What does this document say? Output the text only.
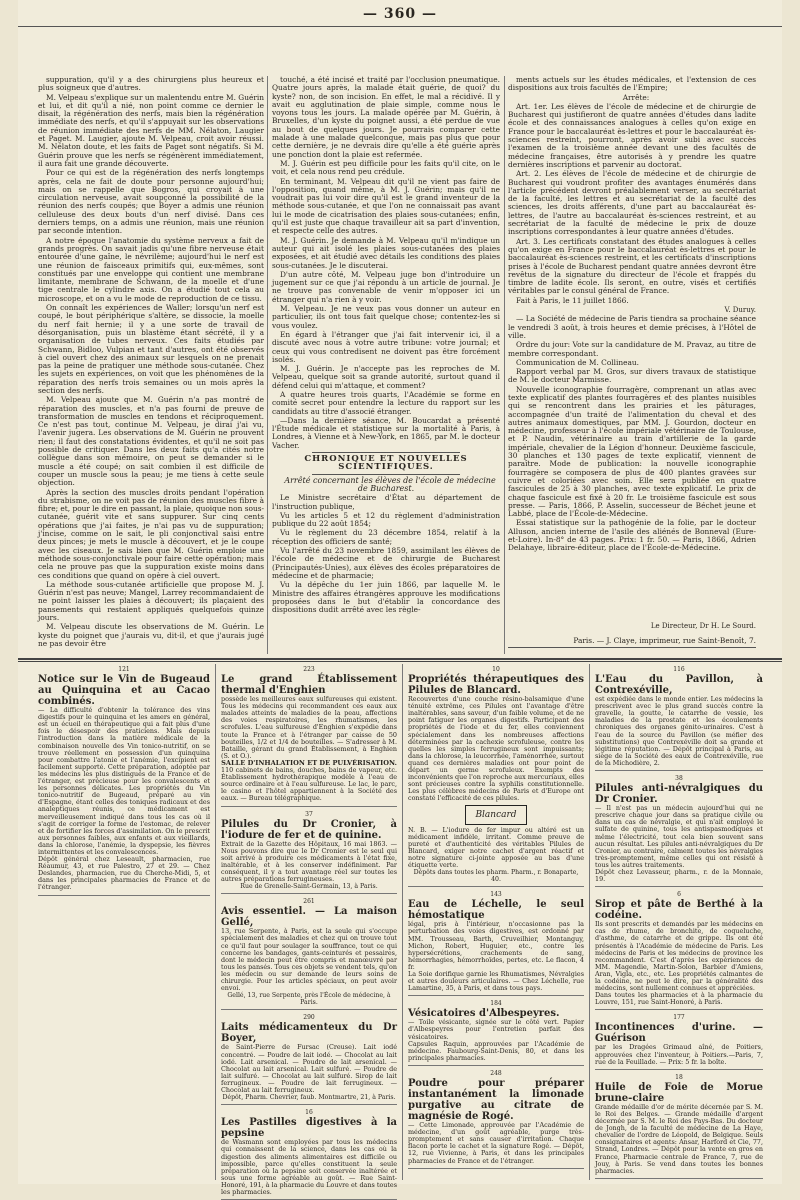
— 360 —

suppuration, qu'il y a des chirurgiens plus heureux et plus soigneux que d'autres.

M. Velpeau s'explique sur un malentendu entre M. Guérin et lui, et dit qu'il a nié, non point comme ce dernier le disait, la régénération des nerfs, mais bien la régénération immédiate des nerfs, et qu'il s'appuyait sur les observations de réunion immédiate des nerfs de MM. Nélaton, Laugier et Paget. M. Laugier, ajoute M. Velpeau, croit avoir réussi. M. Nélaton doute, et les faits de Paget sont négatifs. Si M. Guérin prouve que les nerfs se régénèrent immédiatement, il aura fait une grande découverte.

Pour ce qui est de la régénération des nerfs longtemps après, cela ne fait de doute pour personne aujourd'hui; mais on se rappelle que Bogros, qui croyait à une circulation nerveuse, avait soupçonné la possibilité de la réunion des nerfs coupés; que Boyer a admis une réunion celluleuse des deux bouts d'un nerf divisé. Dans ces derniers temps, on a admis une réunion, mais une réunion par seconde intention.

A notre époque l'anatomie du système nerveux a fait de grands progrès. On savait jadis qu'une fibre nerveuse était entourée d'une gaîne, le névrilème; aujourd'hui le nerf est une réunion de faisceaux primitifs qui, eux-mêmes, sont constitués par une enveloppe qui contient une membrane limitante, membrane de Schwann, de la moelle et d'une tige centrale le cylindre axis. On a étudié tout cela au microscope, et on a vu le mode de reproduction de ce tissu.

On connaît les expériences de Waller; lorsqu'un nerf est coupé, le bout périphérique s'altère, se dissocie, la moelle du nerf fait hernie; il y a une sorte de travail de désorganisation, puis un blastème étant sécrété, il y a organisation de tubes nerveux. Ces faits étudiés par Schwann, Bidloo, Vulpian et tant d'autres, ont été observés à ciel ouvert chez des animaux sur lesquels on ne prenait pas la peine de pratiquer une méthode sous-cutanée. Chez les sujets en expériences, on voit que les phénomènes de la réparation des nerfs trois semaines ou un mois après la section des nerfs.

M. Velpeau ajoute que M. Guérin n'a pas montré de réparation des muscles, et n'a pas fourni de preuve de transformation de muscles en tendons et réciproquement. Ce n'est pas tout, continue M. Velpeau, je dirai j'ai vu, l'avenir jugera. Les observations de M. Guérin ne prouvent rien; il faut des constatations évidentes, et qu'il ne soit pas possible de critiquer. Dans les deux faits qu'a cités notre collègue dans son mémoire, on peut se demander si le muscle a été coupé; on sait combien il est difficile de couper un muscle sous la peau; je me tiens à cette seule objection.

Après la section des muscles droits pendant l'opération du strabisme, on ne voit pas de réunion des muscles fibre à fibre; et, pour le dire en passant, la plaie, quoique non sous-cutanée, guérit vite et sans suppurer. Sur cinq cents opérations que j'ai faites, je n'ai pas vu de suppuration; j'incise, comme on le sait, le pli conjonctival saisi entre deux pinces; je mets le muscle à découvert, et je le coupe avec les ciseaux. Je sais bien que M. Guérin emploie une méthode sous-conjonctivale pour faire cette opération; mais cela ne prouve pas que la suppuration existe moins dans ces conditions que quand on opère à ciel ouvert.

La méthode sous-cutanée artificielle que propose M. J. Guérin n'est pas neuve; Mangel, Larrey recommandaient de ne point laisser les plaies à découvert; ils plaçaient des pansements qui restaient appliqués quelquefois quinze jours.

M. Velpeau discute les observations de M. Guérin. Le kyste du poignet que j'aurais vu, dit-il, et que j'aurais jugé ne pas devoir être

touché, a été incisé et traité par l'occlusion pneumatique. Quatre jours après, la malade était guérie, de quoi? du kyste? non, de son incision. En effet, le mal a récidivé. Il y avait eu agglutination de plaie simple, comme nous le voyons tous les jours. La malade opérée par M. Guérin, à Bruxelles, d'un kyste du poignet aussi, a été perdue de vue au bout de quelques jours. Je pourrais comparer cette malade à une malade quelconque, mais pas plus que pour cette dernière, je ne devrais dire qu'elle a été guérie après une ponction dont la plaie est refermée.

M. J. Guérin est peu difficile pour les faits qu'il cite, on le voit, et cela nous rend peu crédule.

En terminant, M. Velpeau dit qu'il ne vient pas faire de l'opposition, quand même, à M. J. Guérin; mais qu'il ne voudrait pas lui voir dire qu'il est le grand inventeur de la méthode sous-cutanée, et que l'on ne connaissait pas avant lui le mode de cicatrisation des plaies sous-cutanées; enfin, qu'il est juste que chaque travailleur ait sa part d'invention, et respecte celle des autres.

M. J. Guérin. Je demande à M. Velpeau qu'il m'indique un auteur qui ait isolé les plaies sous-cutanées des plaies exposées, et ait étudié avec détails les conditions des plaies sous-cutanées. Je le discuterai.

D'un autre côté, M. Velpeau juge bon d'introduire un jugement sur ce que j'ai répondu à un article de journal. Je ne trouve pas convenable de venir m'opposer ici un étranger qui n'a rien à y voir.

M. Velpeau. Je ne veux pas vous donner un auteur en particulier, ils ont tous fait quelque chose; contentez-les si vous voulez.

En égard à l'étranger que j'ai fait intervenir ici, il a discuté avec nous à votre autre tribune: votre journal; et ceux qui vous contredisent ne doivent pas être forcément isolés.

M. J. Guérin. Je n'accepte pas les reproches de M. Velpeau, quelque soit sa grande autorité, surtout quand il défend celui qui m'attaque, et comment?

A quatre heures trois quarts, l'Académie se forme en comité secret pour entendre la lecture du rapport sur les candidats au titre d'associé étranger.

—Dans la dernière séance, M. Boucardat a présenté l'Étude médicale et statistique sur la mortalité à Paris, à Londres, à Vienne et à New-York, en 1865, par M. le docteur Vacher.

CHRONIQUE ET NOUVELLES SCIENTIFIQUES.

Arrêté concernant les élèves de l'école de médecine de Bucharest.

Le Ministre secrétaire d'État au département de l'instruction publique,

Vu les articles 5 et 12 du règlement d'administration publique du 22 août 1854;

Vu le règlement du 23 décembre 1854, relatif à la réception des officiers de santé;

Vu l'arrêté du 23 novembre 1859, assimilant les élèves de l'école de médecine et de chirurgie de Bucharest (Principautés-Unies), aux élèves des écoles préparatoires de médecine et de pharmacie;

Vu la dépêche du 1er juin 1866, par laquelle M. le Ministre des affaires étrangères approuve les modifications proposées dans le but d'établir la concordance des dispositions dudit arrêté avec les règle-

ments actuels sur les études médicales, et l'extension de ces dispositions aux trois facultés de l'Empire;

Arrête:

Art. 1er. Les élèves de l'école de médecine et de chirurgie de Bucharest qui justifieront de quatre années d'études dans ladite école et des connaissances analogues à celles qu'on exige en France pour le baccalauréat ès-lettres et pour le baccalauréat ès-sciences restreint, pourront, après avoir subi avec succès l'examen de la troisième année devant une des facultés de médecine françaises, être autorisés à y prendre les quatre dernières inscriptions et parvenir au doctorat.

Art. 2. Les élèves de l'école de médecine et de chirurgie de Bucharest qui voudront profiter des avantages énumérés dans l'article précédent devront préalablement verser, au secrétariat de la faculté, les lettres et au secrétariat de la faculté des sciences, les droits afférents, d'une part au baccalauréat ès-lettres, de l'autre au baccalauréat ès-sciences restreint, et au secrétariat de la faculté de médecine le prix de douze inscriptions correspondantes à leur quatre années d'études.

Art. 3. Les certificats constatant des études analogues à celles qu'on exige en France pour le baccalauréat ès-lettres et pour le baccalauréat ès-sciences restreint, et les certificats d'inscriptions prises à l'école de Bucharest pendant quatre années devront être revêtus de la signature du directeur de l'école et frappés du timbre de ladite école. Ils seront, en outre, visés et certifiés véritables par le consul général de France.

Fait à Paris, le 11 juillet 1866.

V. Duruy.

— La Société de médecine de Paris tiendra sa prochaine séance le vendredi 3 août, à trois heures et demie précises, à l'Hôtel de ville.

Ordre du jour: Vote sur la candidature de M. Pravaz, au titre de membre correspondant.

Communication de M. Collineau.

Rapport verbal par M. Gros, sur divers travaux de statistique de M. le docteur Marmisse.

Nouvelle iconographie fourragère, comprenant un atlas avec texte explicatif des plantes fourragères et des plantes nuisibles qui se rencontrent dans les prairies et les pâturages, accompagnée d'un traité de l'alimentation du cheval et des autres animaux domestiques, par MM. J. Gourdon, docteur en médecine, professeur à l'école impériale vétérinaire de Toulouse, et P. Naudin, vétérinaire au train d'artillerie de la garde impériale, chevalier de la Légion d'honneur. Deuxième fascicule, 30 planches et 130 pages de texte explicatif, viennent de paraître. Mode de publication: la nouvelle iconographie fourragère se composera de plus de 400 plantes gravées sur cuivre et coloriées avec soin. Elle sera publiée en quatre fascicules de 25 à 30 planches, avec texte explicatif. Le prix de chaque fascicule est fixé à 20 fr. Le troisième fascicule est sous presse. — Paris, 1866, P. Asselin, successeur de Béchet jeune et Labbé, place de l'École-de-Médecine.

Essai statistique sur la pathogénie de la folie, par le docteur Alluson, ancien interne de l'asile des aliénés de Bonneval (Eure-et-Loire). In-8° de 43 pages. Prix: 1 fr. 50. — Paris, 1866, Adrien Delahaye, libraire-éditeur, place de l'École-de-Médecine.

Le Directeur, Dr H. Le Sourd.
Paris. — J. Claye, imprimeur, rue Saint-Benoît, 7.
121
Notice sur le Vin de Bugeaud au Quinquina et au Cacao combinés.
— La difficulté d'obtenir la tolérance des vins digestifs pour le quinquina et les amers en général, est un écueil en thérapeutique qui a fait plus d'une fois le désespoir des praticiens. Mais depuis l'introduction dans la matière médicale de la combinaison nouvelle des Vin tonico-nutritif, on se trouve réellement en possession d'un quinquina pour combattre l'atonie et l'anémie, l'excipient est facilement supporté. Cette préparation, adoptée par les médecins les plus distingués de la France et de l'étranger, est précieuse pour les convalescents et les personnes délicates. Les propriétés du Vin tonico-nutritif de Bugeaud, préparé au vin d'Espagne, étant celles des toniques radicaux et des analeptiques réunis, ce médicament est merveilleusement indiqué dans tous les cas où il s'agit de corriger la forme de l'estomac, de relever et de fortifier les forces d'assimilation. On le prescrit aux personnes faibles, aux enfants et aux vieillards, dans la chlorose, l'anémie, la dyspepsie, les fièvres intermittentes et les convalescences.
Dépôt général chez Leseault, pharmacien, rue Réaumur, 43, et rue Palestro, 27 et 29. — Chez Deslandes, pharmacien, rue du Cherche-Midi, 5, et dans les principales pharmacies de France et de l'étranger.
223
Le grand Établissement thermal d'Enghien
possède les meilleures eaux sulfureuses qui existent. Tous les médecins qui recommandent ces eaux aux malades atteints de maladies de la peau, affections des voies respiratoires, les rhumatismes, les scrofules. L'eau sulfureuse d'Enghien s'expédie dans toute la France et à l'étranger par caisse de 50 bouteilles, 1/2 et 1/4 de bouteilles. — S'adresser à M. Bataille, gérant du grand Établissement, à Enghien (S. et O.).
SALLE D'INHALATION ET DE PULVÉRISATION.
110 cabinets de bains, douches, bains de vapeur, etc. Établissement hydrothérapique modèle à l'eau de source ordinaire et à l'eau sulfureuse. Le lac, le parc, le casino et l'hôtel appartiennent à la Société des eaux. — Bureau télégraphique.
37
Pilules du Dr Cronier, à l'iodure de fer et de quinine.
Extrait de la Gazette des Hôpitaux, 16 mai 1863. — Nous pouvons dire que le Dr Cronier est le seul qui soit arrivé à produire ces médicaments à l'état fixe, inaltérable, et à les conserver indéfiniment. Par conséquent, il y a tout avantage réel sur toutes les autres préparations ferrugineuses.
Rue de Grenelle-Saint-Germain, 13, à Paris.
261
Avis essentiel. — La maison Gellé,
13, rue Serpente, à Paris, est la seule qui s'occupe spécialement des maladies et chez qui on trouve tout ce qu'il faut pour soulager la souffrance, tout ce qui concerne les bandages, gants-ceinturés et pessaires, dont le médecin peut être compris et manœuvré par tous les pansés. Tous ces objets se vendent tels, qu'on les médecin ou sur demande de leurs soins de chirurgie. Pour les articles spéciaux, on peut avoir envoi.
Gellé, 13, rue Serpente, près l'École de médecine, à Paris.
290
Laits médicamenteux du Dr Boyer,
de Saint-Pierre de Fursac (Creuse). Lait iodé concentré. — Poudre de lait iodé. — Chocolat au lait iodé. Lait arsenical. — Poudre de lait arsenical. — Chocolat au lait arsenical. Lait sulfuré. — Poudre de lait sulfuré. — Chocolat au lait sulfuré. Sirop de lait ferrugineux. — Poudre de lait ferrugineux. — Chocolat au lait ferrugineux.
Dépôt, Pharm. Chevrier, faub. Montmartre, 21, à Paris.
16
Les Pastilles digestives à la pepsine
de Wasmann sont employées par tous les médecins qui connaissent de la science, dans les cas où la digestion des aliments alimentaires est difficile ou impossible, parce qu'elles constituent la seule préparation où la pepsine soit conservée inaltérée et sous une forme agréable au goût. — Rue Saint-Honoré, 191, à la pharmacie du Louvre et dans toutes les pharmacies.
10
Propriétés thérapeutiques des Pilules de Blancard.
Recouvertes d'une couche résino-balsamique d'une ténuité extrême, ces Pilules ont l'avantage d'être inaltérables, sans saveur, d'un faible volume, et de ne point fatiguer les organes digestifs. Participant des propriétés de l'iode et du fer, elles conviennent spécialement dans les nombreuses affections déterminées par la cachexie scrofuleuse, contre les quelles les simples ferrugineux sont impuissants; dans la chlorose, la leucorrhée, l'aménorrhée, surtout quand ces dernières maladies ont pour point de départ un germe scrofuleux. Exempts des inconvénients que l'on reproche aux mercuriaux, elles sont précieuses contre la syphilis constitutionnelle. Les plus célèbres médecins de Paris et d'Europe ont constaté l'efficacité de ces pilules.
Blancard
N. B. — L'iodure de fer impur ou altéré est un médicament infidèle, irritant. Comme preuve de pureté et d'authenticité des véritables Pilules de Blancard, exiger notre cachet d'argent réactif et notre signature ci-jointe apposée au bas d'une étiquette verte.
Dépôts dans toutes les pharm. Pharm., r. Bonaparte, 40.
143
Eau de Léchelle, le seul hémostatique
légal, pris à l'intérieur, n'occasionne pas la perturbation des voies digestives, est ordonné par MM. Trousseau, Barth, Cruveilhier, Montanguy, Michon, Robert, Huguier, etc., contre les hypersécrétions, crachements de sang, hémorrhagies, hémorrhoïdes, pertes, etc. Le flacon, 4 fr.
La Soie dorifique garnie les Rhumatismes, Névralgies et autres douleurs articulaires. — Chez Léchelle, rue Lamartine, 35, à Paris, et dans tous pays.
184
Vésicatoires d'Albespeyres.
— Toile vésicante, signée sur le côté vert. Papier d'Albespeyres pour l'entretien parfait des vésicatoires.
Capsules Raquin, approuvées par l'Académie de médecine. Faubourg-Saint-Denis, 80, et dans les principales pharmacies.
248
Poudre pour préparer instantanément la limonade purgative au citrate de magnésie de Rogé.
— Cette Limonade, approuvée par l'Académie de médecine, d'un goût agréable, purge très-promptement et sans causer d'irritation. Chaque flacon porte le cachet et la signature Rogé. — Dépôt, 12, rue Vivienne, à Paris, et dans les principales pharmacies de France et de l'étranger.
116
L'Eau du Pavillon, à Contrexéville,
est expédiée dans le monde entier. Les médecins la prescrivent avec le plus grand succès contre la gravelle, la goutte, le catarrhe de vessie, les maladies de la prostate et les écoulements chroniques des organes génito-urinaires. C'est à l'eau de la source du Pavillon (se méfier des substitutions) que Contrexéville doit sa grande et légitime réputation. — Dépôt principal à Paris, au siège de la Société des eaux de Contrexéville, rue de la Michodière, 2.
38
Pilules anti-névralgiques du Dr Cronier.
— Il n'est pas un médecin aujourd'hui qui ne prescrive chaque jour dans sa pratique civile ou dans un cas de névralgie, et qui n'ait employé le sulfate de quinine, tous les antispasmodiques et même l'électricité, tout cela bien souvent sans aucun résultat. Les pilules anti-névralgiques du Dr Cronier, au contraire, calment toutes les névralgies très-promptement, même celles qui ont résisté à tous les autres traitements.
Dépôt chez Levasseur, pharm., r. de la Monnaie, 19.
6
Sirop et pâte de Berthé à la codéine.
Ils sont prescrits et demandés par les médecins en cas de rhume, de bronchite, de coqueluche, d'asthme, de catarrhe et de grippe. Ils ont été présentés à l'Académie de médecine de Paris. Les médecins de Paris et les médecins de province les recommandent. C'est d'après les expériences de MM. Magendie, Martin-Solon, Barbier d'Amiens, Aran, Vigla, etc., etc. Les propriétés calmantes de la codéine, ne peut le dire, par la généralité des médecins, sont nullement connues et appréciées.
Dans toutes les pharmacies et à la pharmacie du Louvre, 151, rue Saint-Honoré, à Paris.
177
Incontinences d'urine. — Guérison
par les Dragées Grimaud aîné, de Poitiers, approuvées chez l'inventeur, à Poitiers.—Paris, 7, rue de la Feuillade. — Prix: 5 fr. la boîte.
18
Huile de Foie de Morue brune-claire
Grande médaille d'or de mérite décernée par S. M. le Roi des Belges. — Grande médaille d'argent décernée par S. M. le Roi des Pays-Bas. Du docteur de Jongh, de la faculté de médecine de La Haye, chevalier de l'ordre de Léopold, de Belgique. Seuls consignataires et agents: Ansar, Harford et Cie, 77, Strand, Londres. — Dépôt pour la vente en gros en France, Pharmacie centrale de France, 7, rue de Jouy, à Paris. Se vend dans toutes les bonnes pharmacies.
